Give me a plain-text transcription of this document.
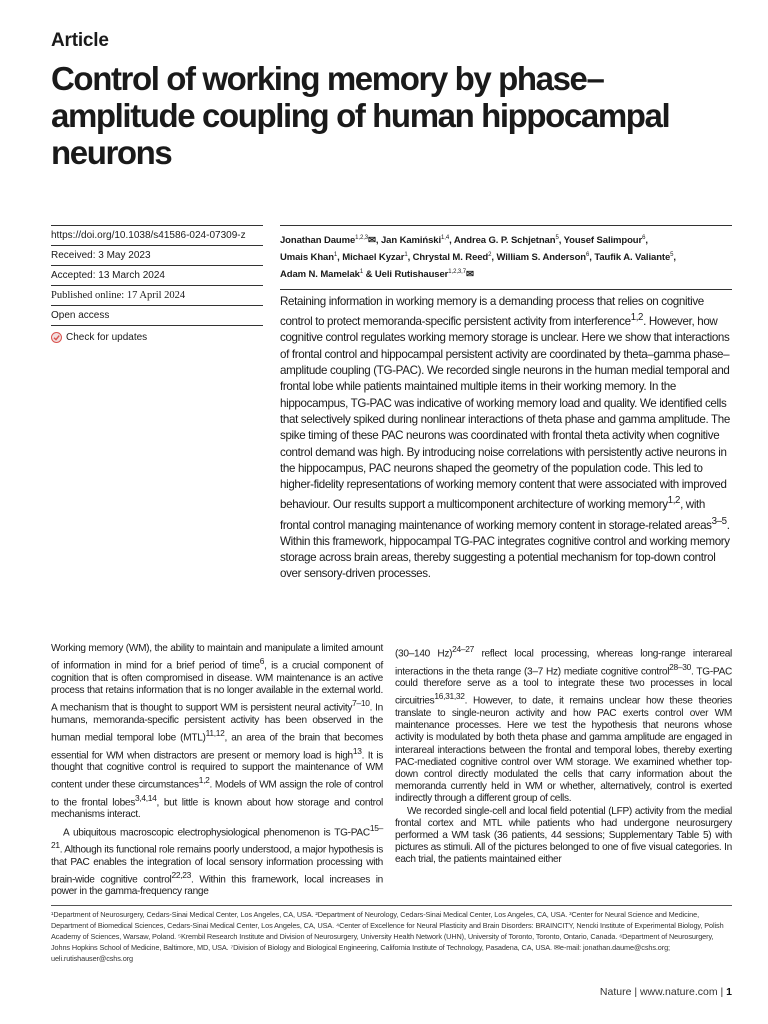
Article
Control of working memory by phase–amplitude coupling of human hippocampal neurons
https://doi.org/10.1038/s41586-024-07309-z
Received: 3 May 2023
Accepted: 13 March 2024
Published online: 17 April 2024
Open access
Check for updates
Jonathan Daume$^{1,2,3}$✉, Jan Kamiński$^{1,4}$, Andrea G. P. Schjetnan$^5$, Yousef Salimpour$^6$,
Umais Khan$^1$, Michael Kyzar$^1$, Chrystal M. Reed$^2$, William S. Anderson$^6$, Taufik A. Valiante$^5$,
Adam N. Mamelak$^1$ & Ueli Rutishauser$^{1,2,3,7}$✉
Retaining information in working memory is a demanding process that relies on cognitive control to protect memoranda-specific persistent activity from interference$^{1,2}$. However, how cognitive control regulates working memory storage is unclear. Here we show that interactions of frontal control and hippocampal persistent activity are coordinated by theta–gamma phase–amplitude coupling (TG-PAC). We recorded single neurons in the human medial temporal and frontal lobe while patients maintained multiple items in their working memory. In the hippocampus, TG-PAC was indicative of working memory load and quality. We identified cells that selectively spiked during nonlinear interactions of theta phase and gamma amplitude. The spike timing of these PAC neurons was coordinated with frontal theta activity when cognitive control demand was high. By introducing noise correlations with persistently active neurons in the hippocampus, PAC neurons shaped the geometry of the population code. This led to higher-fidelity representations of working memory content that were associated with improved behaviour. Our results support a multicomponent architecture of working memory$^{1,2}$, with frontal control managing maintenance of working memory content in storage-related areas$^{3-5}$. Within this framework, hippocampal TG-PAC integrates cognitive control and working memory storage across brain areas, thereby suggesting a potential mechanism for top-down control over sensory-driven processes.

Working memory (WM), the ability to maintain and manipulate a limited amount of information in mind for a brief period of time$^6$, is a crucial component of cognition that is often compromised in disease. WM maintenance is an active process that retains information that is no longer available in the external world. A mechanism that is thought to support WM is persistent neural activity$^{7-10}$. In humans, memoranda-specific persistent activity has been observed in the human medial temporal lobe (MTL)$^{11,12}$, an area of the brain that becomes essential for WM when distractors are present or memory load is high$^{13}$. It is thought that cognitive control is required to support the maintenance of WM content under these circumstances$^{1,2}$. Models of WM assign the role of control to the frontal lobes$^{3,4,14}$, but little is known about how storage and control mechanisms interact.

A ubiquitous macroscopic electrophysiological phenomenon is TG-PAC$^{15-21}$. Although its functional role remains poorly understood, a major hypothesis is that PAC enables the integration of local sensory information processing with brain-wide cognitive control$^{22,23}$. Within this framework, local increases in power in the gamma-frequency range

(30–140 Hz)$^{24-27}$ reflect local processing, whereas long-range interareal interactions in the theta range (3–7 Hz) mediate cognitive control$^{28-30}$. TG-PAC could therefore serve as a tool to integrate these two processes in local circuitries$^{16,31,32}$. However, to date, it remains unclear how these theories translate to single-neuron activity and how PAC exerts control over WM maintenance processes. Here we test the hypothesis that neurons whose activity is modulated by both theta phase and gamma amplitude are engaged in interareal interactions between the frontal and temporal lobes, thereby exerting PAC-mediated cognitive control over WM storage. We examined whether top-down control directly modulated the cells that carry information about the memoranda currently held in WM or whether, alternatively, control is exerted indirectly through a different group of cells.

We recorded single-cell and local field potential (LFP) activity from the medial frontal cortex and MTL while patients who had undergone neurosurgery performed a WM task (36 patients, 44 sessions; Supplementary Table 5) with pictures as stimuli. All of the pictures belonged to one of five visual categories. In each trial, the patients maintained either

¹Department of Neurosurgery, Cedars-Sinai Medical Center, Los Angeles, CA, USA. ²Department of Neurology, Cedars-Sinai Medical Center, Los Angeles, CA, USA. ³Center for Neural Science and Medicine, Department of Biomedical Sciences, Cedars-Sinai Medical Center, Los Angeles, CA, USA. ⁴Center of Excellence for Neural Plasticity and Brain Disorders: BRAINCITY, Nencki Institute of Experimental Biology, Polish Academy of Sciences, Warsaw, Poland. ⁵Krembil Research Institute and Division of Neurosurgery, University Health Network (UHN), University of Toronto, Toronto, Ontario, Canada. ⁶Department of Neurosurgery, Johns Hopkins School of Medicine, Baltimore, MD, USA. ⁷Division of Biology and Biological Engineering, California Institute of Technology, Pasadena, CA, USA. ✉e-mail: jonathan.daume@cshs.org; ueli.rutishauser@cshs.org
Nature | www.nature.com | 1
